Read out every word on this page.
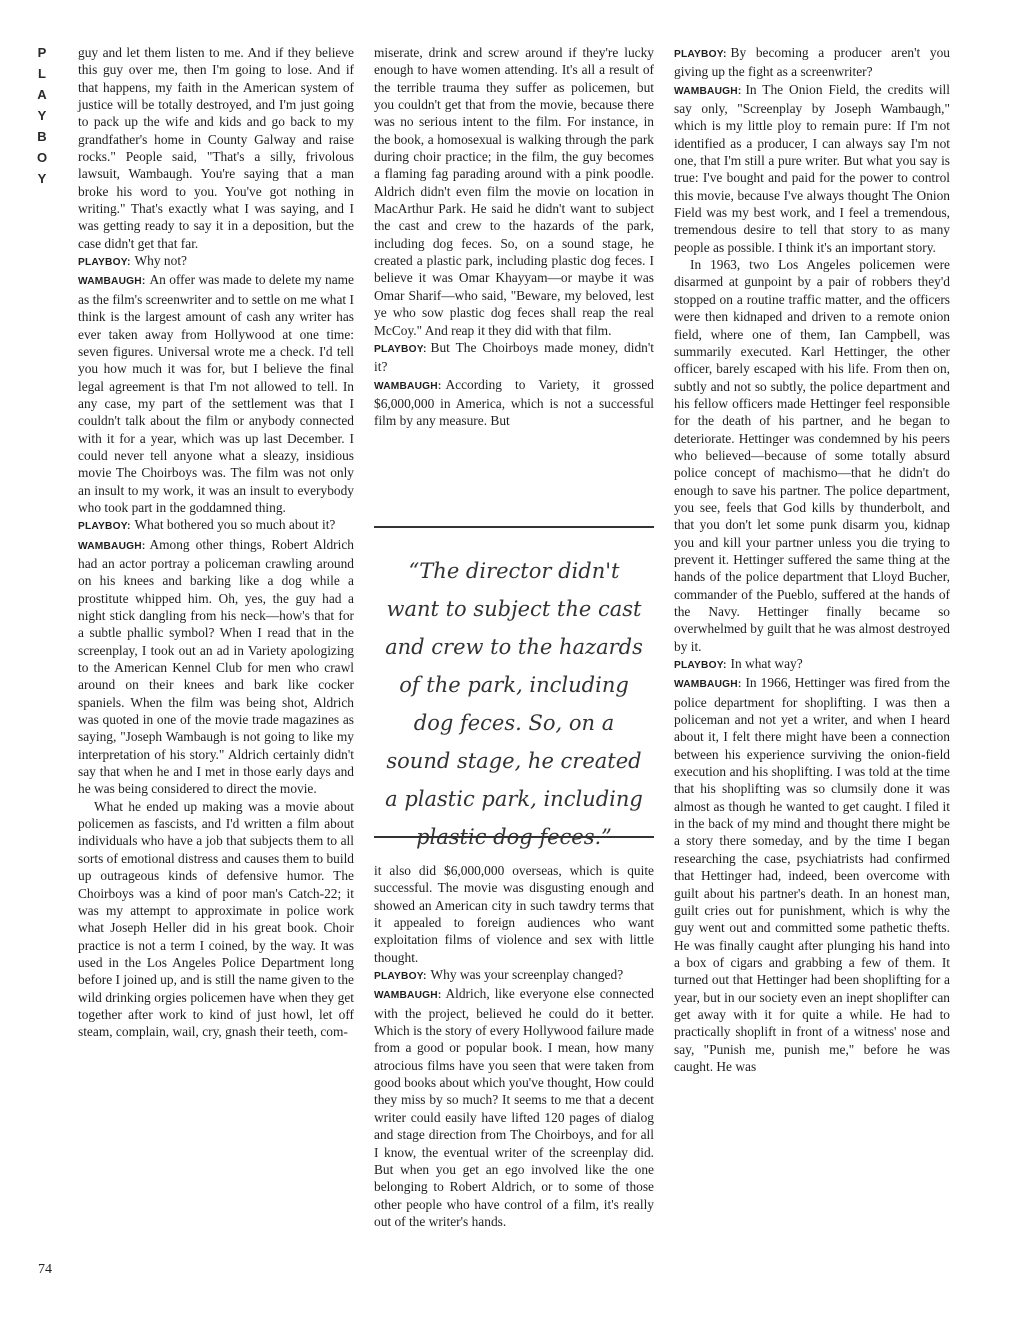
P
L
A
Y
B
O
Y
74

guy and let them listen to me. And if they believe this guy over me, then I'm going to lose. And if that happens, my faith in the American system of justice will be totally destroyed, and I'm just going to pack up the wife and kids and go back to my grandfather's home in County Galway and raise rocks." People said, "That's a silly, frivolous lawsuit, Wambaugh. You're saying that a man broke his word to you. You've got nothing in writing." That's exactly what I was saying, and I was getting ready to say it in a deposition, but the case didn't get that far.

PLAYBOY: Why not?

WAMBAUGH: An offer was made to delete my name as the film's screenwriter and to settle on me what I think is the largest amount of cash any writer has ever taken away from Hollywood at one time: seven figures. Universal wrote me a check. I'd tell you how much it was for, but I believe the final legal agreement is that I'm not allowed to tell. In any case, my part of the settlement was that I couldn't talk about the film or anybody connected with it for a year, which was up last December. I could never tell anyone what a sleazy, insidious movie The Choirboys was. The film was not only an insult to my work, it was an insult to everybody who took part in the goddamned thing.

PLAYBOY: What bothered you so much about it?

WAMBAUGH: Among other things, Robert Aldrich had an actor portray a policeman crawling around on his knees and barking like a dog while a prostitute whipped him. Oh, yes, the guy had a night stick dangling from his neck—how's that for a subtle phallic symbol? When I read that in the screenplay, I took out an ad in Variety apologizing to the American Kennel Club for men who crawl around on their knees and bark like cocker spaniels. When the film was being shot, Aldrich was quoted in one of the movie trade magazines as saying, "Joseph Wambaugh is not going to like my interpretation of his story." Aldrich certainly didn't say that when he and I met in those early days and he was being considered to direct the movie.

What he ended up making was a movie about policemen as fascists, and I'd written a film about individuals who have a job that subjects them to all sorts of emotional distress and causes them to build up outrageous kinds of defensive humor. The Choirboys was a kind of poor man's Catch-22; it was my attempt to approximate in police work what Joseph Heller did in his great book. Choir practice is not a term I coined, by the way. It was used in the Los Angeles Police Department long before I joined up, and is still the name given to the wild drinking orgies policemen have when they get together after work to kind of just howl, let off steam, complain, wail, cry, gnash their teeth, com-

miserate, drink and screw around if they're lucky enough to have women attending. It's all a result of the terrible trauma they suffer as policemen, but you couldn't get that from the movie, because there was no serious intent to the film. For instance, in the book, a homosexual is walking through the park during choir practice; in the film, the guy becomes a flaming fag parading around with a pink poodle. Aldrich didn't even film the movie on location in MacArthur Park. He said he didn't want to subject the cast and crew to the hazards of the park, including dog feces. So, on a sound stage, he created a plastic park, including plastic dog feces. I believe it was Omar Khayyam—or maybe it was Omar Sharif—who said, "Beware, my beloved, lest ye who sow plastic dog feces shall reap the real McCoy." And reap it they did with that film.

PLAYBOY: But The Choirboys made money, didn't it?

WAMBAUGH: According to Variety, it grossed $6,000,000 in America, which is not a successful film by any measure. But

“The director didn't want to subject the cast and crew to the hazards of the park, including dog feces. So, on a sound stage, he created a plastic park, including plastic dog feces.”

it also did $6,000,000 overseas, which is quite successful. The movie was disgusting enough and showed an American city in such tawdry terms that it appealed to foreign audiences who want exploitation films of violence and sex with little thought.

PLAYBOY: Why was your screenplay changed?

WAMBAUGH: Aldrich, like everyone else connected with the project, believed he could do it better. Which is the story of every Hollywood failure made from a good or popular book. I mean, how many atrocious films have you seen that were taken from good books about which you've thought, How could they miss by so much? It seems to me that a decent writer could easily have lifted 120 pages of dialog and stage direction from The Choirboys, and for all I know, the eventual writer of the screenplay did. But when you get an ego involved like the one belonging to Robert Aldrich, or to some of those other people who have control of a film, it's really out of the writer's hands.

PLAYBOY: By becoming a producer aren't you giving up the fight as a screenwriter?

WAMBAUGH: In The Onion Field, the credits will say only, "Screenplay by Joseph Wambaugh," which is my little ploy to remain pure: If I'm not identified as a producer, I can always say I'm not one, that I'm still a pure writer. But what you say is true: I've bought and paid for the power to control this movie, because I've always thought The Onion Field was my best work, and I feel a tremendous, tremendous desire to tell that story to as many people as possible. I think it's an important story.

In 1963, two Los Angeles policemen were disarmed at gunpoint by a pair of robbers they'd stopped on a routine traffic matter, and the officers were then kidnaped and driven to a remote onion field, where one of them, Ian Campbell, was summarily executed. Karl Hettinger, the other officer, barely escaped with his life. From then on, subtly and not so subtly, the police department and his fellow officers made Hettinger feel responsible for the death of his partner, and he began to deteriorate. Hettinger was condemned by his peers who believed—because of some totally absurd police concept of machismo—that he didn't do enough to save his partner. The police department, you see, feels that God kills by thunderbolt, and that you don't let some punk disarm you, kidnap you and kill your partner unless you die trying to prevent it. Hettinger suffered the same thing at the hands of the police department that Lloyd Bucher, commander of the Pueblo, suffered at the hands of the Navy. Hettinger finally became so overwhelmed by guilt that he was almost destroyed by it.

PLAYBOY: In what way?

WAMBAUGH: In 1966, Hettinger was fired from the police department for shoplifting. I was then a policeman and not yet a writer, and when I heard about it, I felt there might have been a connection between his experience surviving the onion-field execution and his shoplifting. I was told at the time that his shoplifting was so clumsily done it was almost as though he wanted to get caught. I filed it in the back of my mind and thought there might be a story there someday, and by the time I began researching the case, psychiatrists had confirmed that Hettinger had, indeed, been overcome with guilt about his partner's death. In an honest man, guilt cries out for punishment, which is why the guy went out and committed some pathetic thefts. He was finally caught after plunging his hand into a box of cigars and grabbing a few of them. It turned out that Hettinger had been shoplifting for a year, but in our society even an inept shoplifter can get away with it for quite a while. He had to practically shoplift in front of a witness' nose and say, "Punish me, punish me," before he was caught. He was
